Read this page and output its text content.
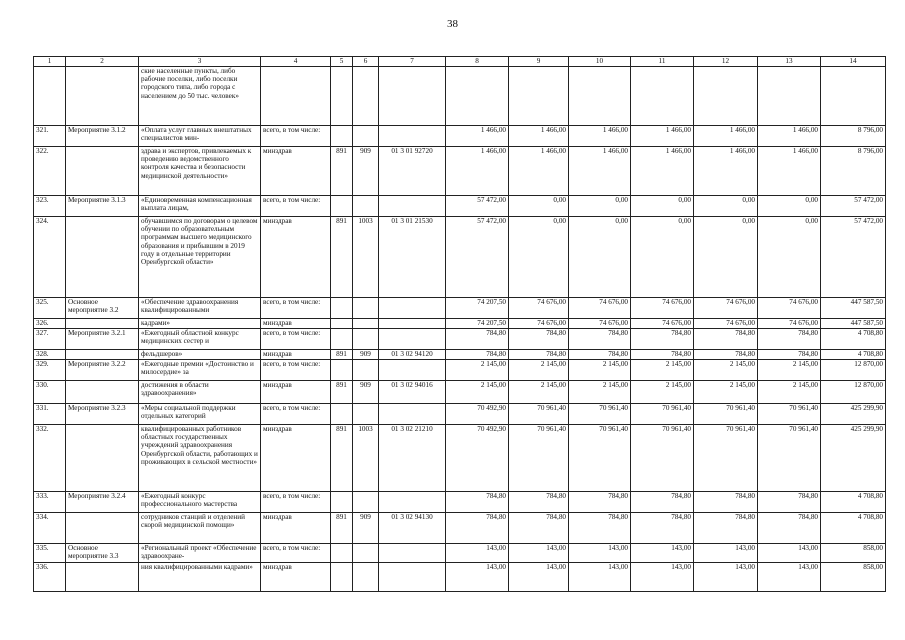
38
1	2	3	4	5	6	7	8	9	10	11	12	13	14
		ские населенные пункты, либо рабочие поселки, либо поселки городского типа, либо города с населением до 50 тыс. человек»											
321.	Мероприятие 3.1.2	«Оплата услуг главных внештатных специалистов мин-	всего, в том числе:				1 466,00	1 466,00	1 466,00	1 466,00	1 466,00	1 466,00	8 796,00
322.		здрава и экспертов, привлекаемых к проведению ведомственного контроля качества и безопасности медицинской деятельности»	минздрав	891	909	01 3 01 92720	1 466,00	1 466,00	1 466,00	1 466,00	1 466,00	1 466,00	8 796,00
323.	Мероприятие 3.1.3	«Единовременная компенсационная выплата лицам,	всего, в том числе:				57 472,00	0,00	0,00	0,00	0,00	0,00	57 472,00
324.		обучавшимся по договорам о целевом обучении по образовательным программам высшего медицинского образования и прибывшим в 2019 году в отдельные территории Оренбургской области»	минздрав	891	1003	01 3 01 21530	57 472,00	0,00	0,00	0,00	0,00	0,00	57 472,00
325.	Основное мероприятие 3.2	«Обеспечение здравоохранения квалифицированными	всего, в том числе:				74 207,50	74 676,00	74 676,00	74 676,00	74 676,00	74 676,00	447 587,50
326.		кадрами»	минздрав				74 207,50	74 676,00	74 676,00	74 676,00	74 676,00	74 676,00	447 587,50
327.	Мероприятие 3.2.1	«Ежегодный областной конкурс медицинских сестер и	всего, в том числе:				784,80	784,80	784,80	784,80	784,80	784,80	4 708,80
328.		фельдшеров»	минздрав	891	909	01 3 02 94120	784,80	784,80	784,80	784,80	784,80	784,80	4 708,80
329.	Мероприятие 3.2.2	«Ежегодные премии «Достоинство и милосердие» за	всего, в том числе:				2 145,00	2 145,00	2 145,00	2 145,00	2 145,00	2 145,00	12 870,00
330.		достижения в области здравоохранения»	минздрав	891	909	01 3 02 94016	2 145,00	2 145,00	2 145,00	2 145,00	2 145,00	2 145,00	12 870,00
331.	Мероприятие 3.2.3	«Меры социальной поддержки отдельных категорий	всего, в том числе:				70 492,90	70 961,40	70 961,40	70 961,40	70 961,40	70 961,40	425 299,90
332.		квалифицированных работников областных государственных учреждений здравоохранения Оренбургской области, работающих и проживающих в сельской местности»	минздрав	891	1003	01 3 02 21210	70 492,90	70 961,40	70 961,40	70 961,40	70 961,40	70 961,40	425 299,90
333.	Мероприятие 3.2.4	«Ежегодный конкурс профессионального мастерства	всего, в том числе:				784,80	784,80	784,80	784,80	784,80	784,80	4 708,80
334.		сотрудников станций и отделений скорой медицинской помощи»	минздрав	891	909	01 3 02 94130	784,80	784,80	784,80	784,80	784,80	784,80	4 708,80
335.	Основное мероприятие 3.3	«Региональный проект «Обеспечение здравоохране-	всего, в том числе:				143,00	143,00	143,00	143,00	143,00	143,00	858,00
336.		ния квалифицированными кадрами»	минздрав				143,00	143,00	143,00	143,00	143,00	143,00	858,00
